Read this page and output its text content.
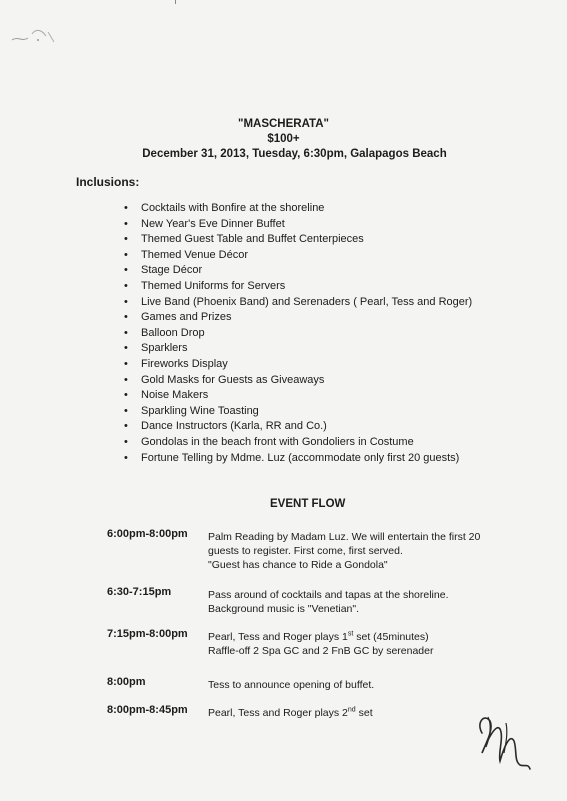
"MASCHERATA"
$100+
December 31, 2013, Tuesday, 6:30pm, Galapagos Beach
Inclusions:
• Cocktails with Bonfire at the shoreline
• New Year's Eve Dinner Buffet
• Themed Guest Table and Buffet Centerpieces
• Themed Venue Décor
• Stage Décor
• Themed Uniforms for Servers
• Live Band (Phoenix Band) and Serenaders ( Pearl, Tess and Roger)
• Games and Prizes
• Balloon Drop
• Sparklers
• Fireworks Display
• Gold Masks for Guests as Giveaways
• Noise Makers
• Sparkling Wine Toasting
• Dance Instructors (Karla, RR and Co.)
• Gondolas in the beach front with Gondoliers in Costume
• Fortune Telling by Mdme. Luz (accommodate only first 20 guests)
EVENT FLOW
6:00pm-8:00pm Palm Reading by Madam Luz. We will entertain the first 20
guests to register. First come, first served.
"Guest has chance to Ride a Gondola"
6:30-7:15pm	Pass around of cocktails and tapas at the shoreline.
Background music is "Venetian".
7:15pm-8:00pm Pearl, Tess and Roger plays 1st set (45minutes)
Raffle-off 2 Spa GC and 2 FnB GC by serenader
8:00pm	Tess to announce opening of buffet.
8:00pm-8:45pm Pearl, Tess and Roger plays 2nd set
